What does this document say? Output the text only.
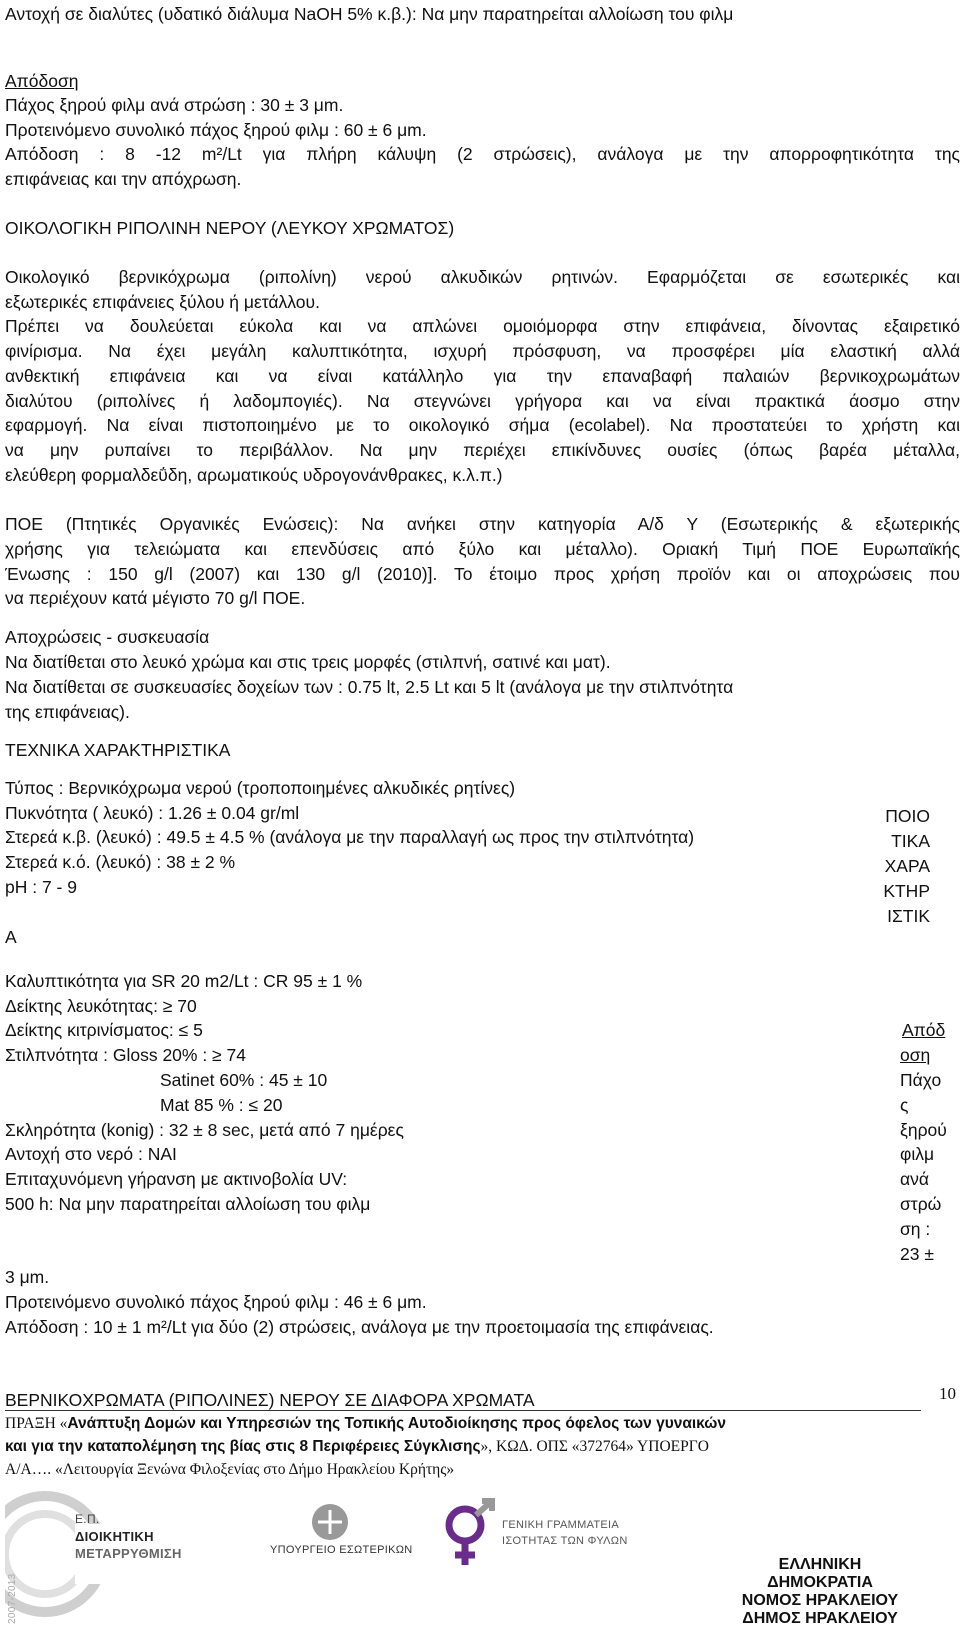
Αντοχή σε διαλύτες (υδατικό διάλυμα NaOH 5% κ.β.): Να μην παρατηρείται αλλοίωση του φιλμ
Απόδοση
Πάχος ξηρού φιλμ ανά στρώση : 30 ± 3 μm.
Προτεινόμενο συνολικό πάχος ξηρού φιλμ : 60 ± 6 μm.
Απόδοση : 8 -12 m²/Lt για πλήρη κάλυψη (2 στρώσεις), ανάλογα με την απορροφητικότητα της
επιφάνειας και την απόχρωση.
ΟΙΚΟΛΟΓΙΚΗ ΡΙΠΟΛΙΝΗ ΝΕΡΟΥ (ΛΕΥΚΟΥ ΧΡΩΜΑΤΟΣ)
Οικολογικό βερνικόχρωμα (ριπολίνη) νερού αλκυδικών ρητινών. Εφαρμόζεται σε εσωτερικές και
εξωτερικές επιφάνειες ξύλου ή μετάλλου.
Πρέπει να δουλεύεται εύκολα και να απλώνει ομοιόμορφα στην επιφάνεια, δίνοντας εξαιρετικό
φινίρισμα. Να έχει μεγάλη καλυπτικότητα, ισχυρή πρόσφυση, να προσφέρει μία ελαστική αλλά
ανθεκτική επιφάνεια και να είναι κατάλληλο για την επαναβαφή παλαιών βερνικοχρωμάτων
διαλύτου (ριπολίνες ή λαδομπογιές). Να στεγνώνει γρήγορα και να είναι πρακτικά άοσμο στην
εφαρμογή. Να είναι πιστοποιημένο με το οικολογικό σήμα (ecolabel). Να προστατεύει το χρήστη και
να μην ρυπαίνει το περιβάλλον. Να μην περιέχει επικίνδυνες ουσίες (όπως βαρέα μέταλλα,
ελεύθερη φορμαλδεΰδη, αρωματικούς υδρογονάνθρακες, κ.λ.π.)
ΠΟΕ (Πτητικές Οργανικές Ενώσεις): Να ανήκει στην κατηγορία Α/δ Υ (Εσωτερικής & εξωτερικής
χρήσης για τελειώματα και επενδύσεις από ξύλο και μέταλλο). Οριακή Τιμή ΠΟΕ Ευρωπαϊκής
Ένωσης : 150 g/l (2007) και 130 g/l (2010)]. Το έτοιμο προς χρήση προϊόν και οι αποχρώσεις που
να περιέχουν κατά μέγιστο 70 g/l ΠΟΕ.
Αποχρώσεις - συσκευασία
Να διατίθεται στο λευκό χρώμα και στις τρεις μορφές (στιλπνή, σατινέ και ματ).
Να διατίθεται σε συσκευασίες δοχείων των : 0.75 lt, 2.5 Lt και 5 lt (ανάλογα με την στιλπνότητα
της επιφάνειας).
ΤΕΧΝΙΚΑ ΧΑΡΑΚΤΗΡΙΣΤΙΚΑ
Τύπος : Βερνικόχρωμα νερού (τροποποιημένες αλκυδικές ρητίνες)
Πυκνότητα ( λευκό) : 1.26 ± 0.04 gr/ml
Στερεά κ.β. (λευκό) : 49.5 ± 4.5 % (ανάλογα με την παραλλαγή ως προς την στιλπνότητα)
Στερεά κ.ό. (λευκό) : 38 ± 2 %
pH : 7 - 9
Α
Καλυπτικότητα για SR 20 m2/Lt : CR 95 ± 1 %
Δείκτης λευκότητας: ≥ 70
Δείκτης κιτρινίσματος: ≤ 5
Στιλπνότητα : Gloss 20% : ≥ 74
Satinet 60% : 45 ± 10
Mat 85 % : ≤ 20
Σκληρότητα (konig) : 32 ± 8 sec, μετά από 7 ημέρες
Αντοχή στο νερό : ΝΑΙ
Επιταχυνόμενη γήρανση με ακτινοβολία UV:
500 h: Να μην παρατηρείται αλλοίωση του φιλμ
3 μm.
Προτεινόμενο συνολικό πάχος ξηρού φιλμ : 46 ± 6 μm.
Απόδοση : 10 ± 1 m²/Lt για δύο (2) στρώσεις, ανάλογα με την προετοιμασία της επιφάνειας.
ΠΟΙΟ
ΤΙΚΑ
ΧΑΡΑ
ΚΤΗΡ
ΙΣΤΙΚ
Απόδ
οση
Πάχο
ς
ξηρού
φιλμ
ανά
στρώ
ση :
23 ±
ΒΕΡΝΙΚΟΧΡΩΜΑΤΑ (ΡΙΠΟΛΙΝΕΣ) ΝΕΡΟΥ ΣΕ ΔΙΑΦΟΡΑ ΧΡΩΜΑΤΑ	10
ΠΡΑΞΗ «Ανάπτυξη Δομών και Υπηρεσιών της Τοπικής Αυτοδιοίκησης προς όφελος των γυναικών
και για την καταπολέμηση της βίας στις 8 Περιφέρειες Σύγκλισης», ΚΩΔ. ΟΠΣ «372764» ΥΠΟΕΡΓΟ
Α/Α…. «Λειτουργία Ξενώνα Φιλοξενίας στο Δήμο Ηρακλείου Κρήτης»
2007-2013
Ε.Π.
ΔΙΟΙΚΗΤΙΚΗ
ΜΕΤΑΡΡΥΘΜΙΣΗ	ΥΠΟΥΡΓΕΙΟ ΕΣΩΤΕΡΙΚΩΝ
ΓΕΝΙΚΗ ΓΡΑΜΜΑΤΕΙΑ
ΙΣΟΤΗΤΑΣ ΤΩΝ ΦΥΛΩΝ
ΕΛΛΗΝΙΚΗ
ΔΗΜΟΚΡΑΤΙΑ
ΝΟΜΟΣ ΗΡΑΚΛΕΙΟΥ
ΔΗΜΟΣ ΗΡΑΚΛΕΙΟΥ
